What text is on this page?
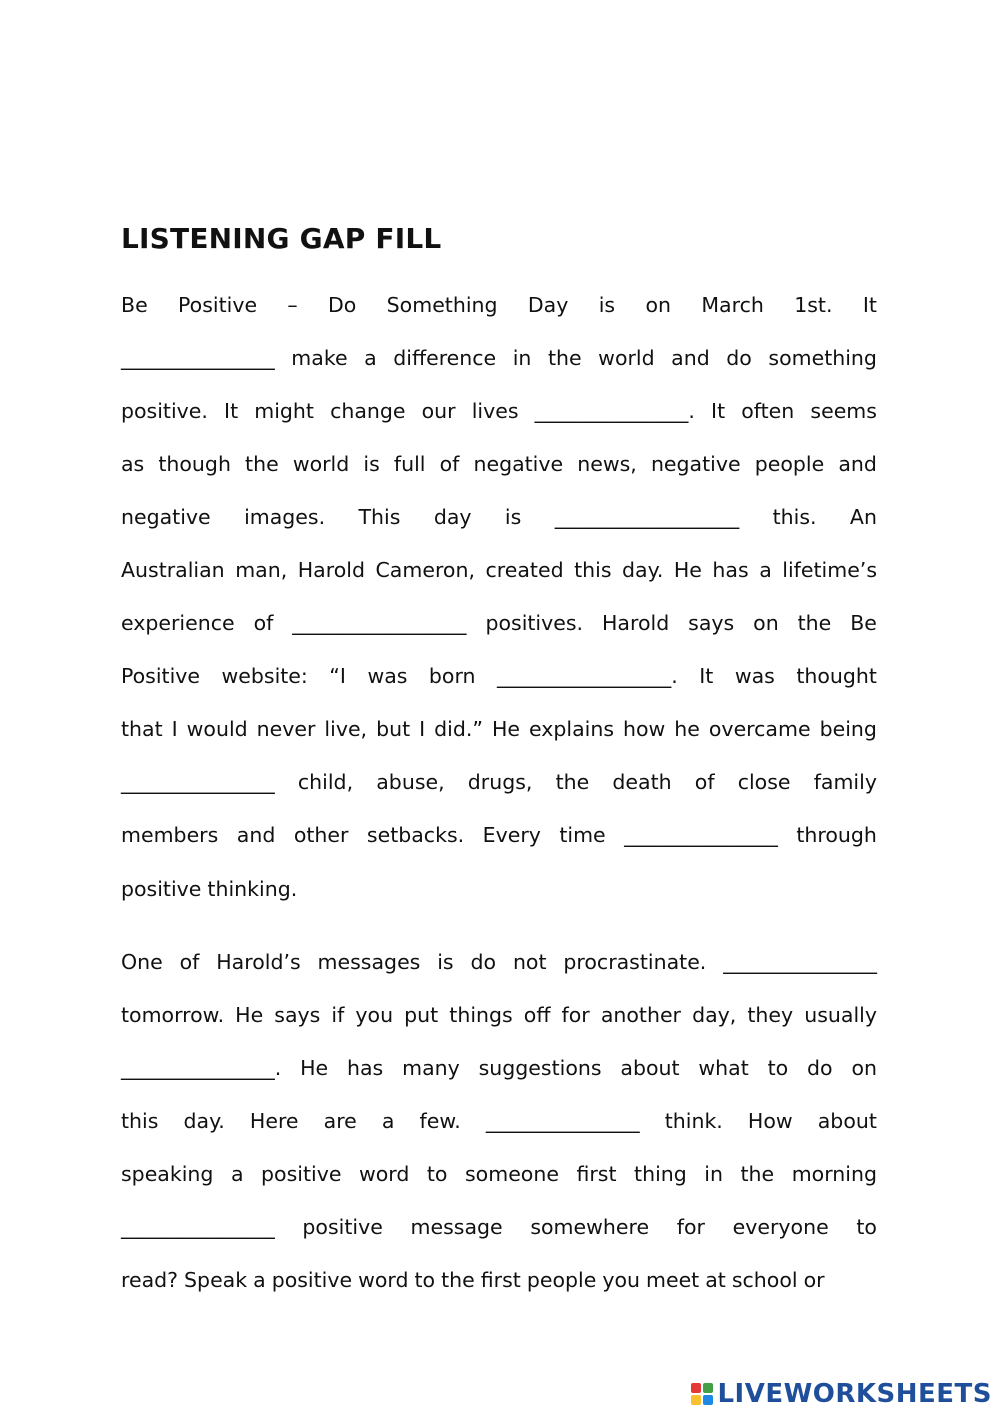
LISTENING GAP FILL
Be Positive – Do Something Day is on March 1st. It
_______________ make a difference in the world and do something
positive. It might change our lives _______________. It often seems
as though the world is full of negative news, negative people and
negative images. This day is __________________ this. An
Australian man, Harold Cameron, created this day. He has a lifetime’s
experience of _________________ positives. Harold says on the Be
Positive website: “I was born _________________. It was thought
that I would never live, but I did.” He explains how he overcame being
_______________ child, abuse, drugs, the death of close family
members and other setbacks. Every time _______________ through
positive thinking.
One of Harold’s messages is do not procrastinate. _______________
tomorrow. He says if you put things off for another day, they usually
_______________. He has many suggestions about what to do on
this day. Here are a few. _______________ think. How about
speaking a positive word to someone first thing in the morning
_______________ positive message somewhere for everyone to
read? Speak a positive word to the first people you meet at school or
LIVEWORKSHEETS
